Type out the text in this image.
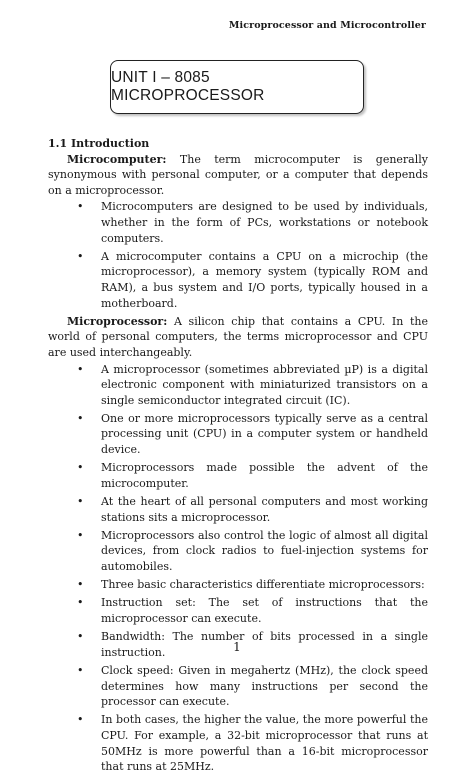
Microprocessor and Microcontroller
UNIT I – 8085 MICROPROCESSOR

1.1 Introduction

Microcomputer: The term microcomputer is generally synonymous with personal computer, or a computer that depends on a microprocessor.

• Microcomputers are designed to be used by individuals, whether in the form of PCs, workstations or notebook computers.
• A microcomputer contains a CPU on a microchip (the microprocessor), a memory system (typically ROM and RAM), a bus system and I/O ports, typically housed in a motherboard.

Microprocessor: A silicon chip that contains a CPU. In the world of personal computers, the terms microprocessor and CPU are used interchangeably.

• A microprocessor (sometimes abbreviated µP) is a digital electronic component with miniaturized transistors on a single semiconductor integrated circuit (IC).
• One or more microprocessors typically serve as a central processing unit (CPU) in a computer system or handheld device.
• Microprocessors made possible the advent of the microcomputer.
• At the heart of all personal computers and most working stations sits a microprocessor.
• Microprocessors also control the logic of almost all digital devices, from clock radios to fuel-injection systems for automobiles.
• Three basic characteristics differentiate microprocessors:
• Instruction set: The set of instructions that the microprocessor can execute.
• Bandwidth: The number of bits processed in a single instruction.
• Clock speed: Given in megahertz (MHz), the clock speed determines how many instructions per second the processor can execute.
• In both cases, the higher the value, the more powerful the CPU. For example, a 32-bit microprocessor that runs at 50MHz is more powerful than a 16-bit microprocessor that runs at 25MHz.
1
